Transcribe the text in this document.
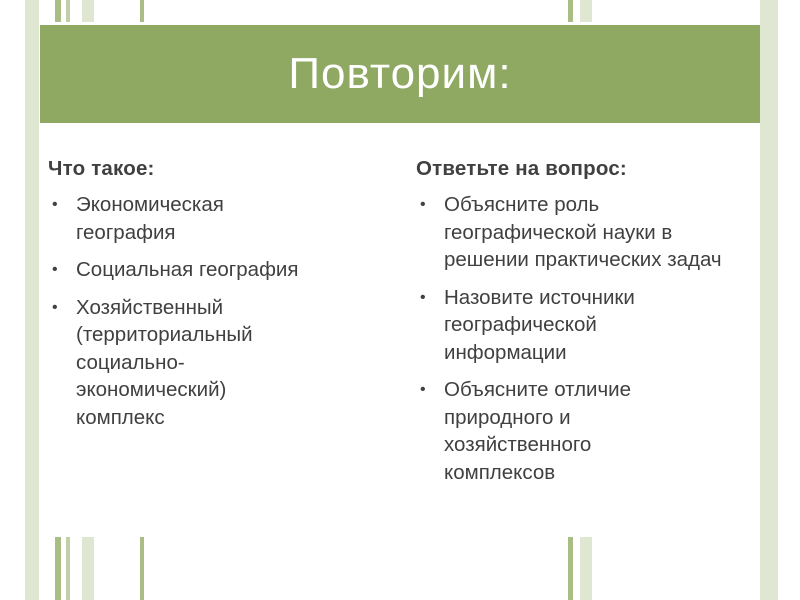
Повторим:
Что такое:
• Экономическая география
• Социальная география
• Хозяйственный (территориальный социально-экономический) комплекс
Ответьте на вопрос:
• Объясните роль географической науки в решении практических задач
• Назовите источники географической информации
• Объясните отличие природного и хозяйственного комплексов
